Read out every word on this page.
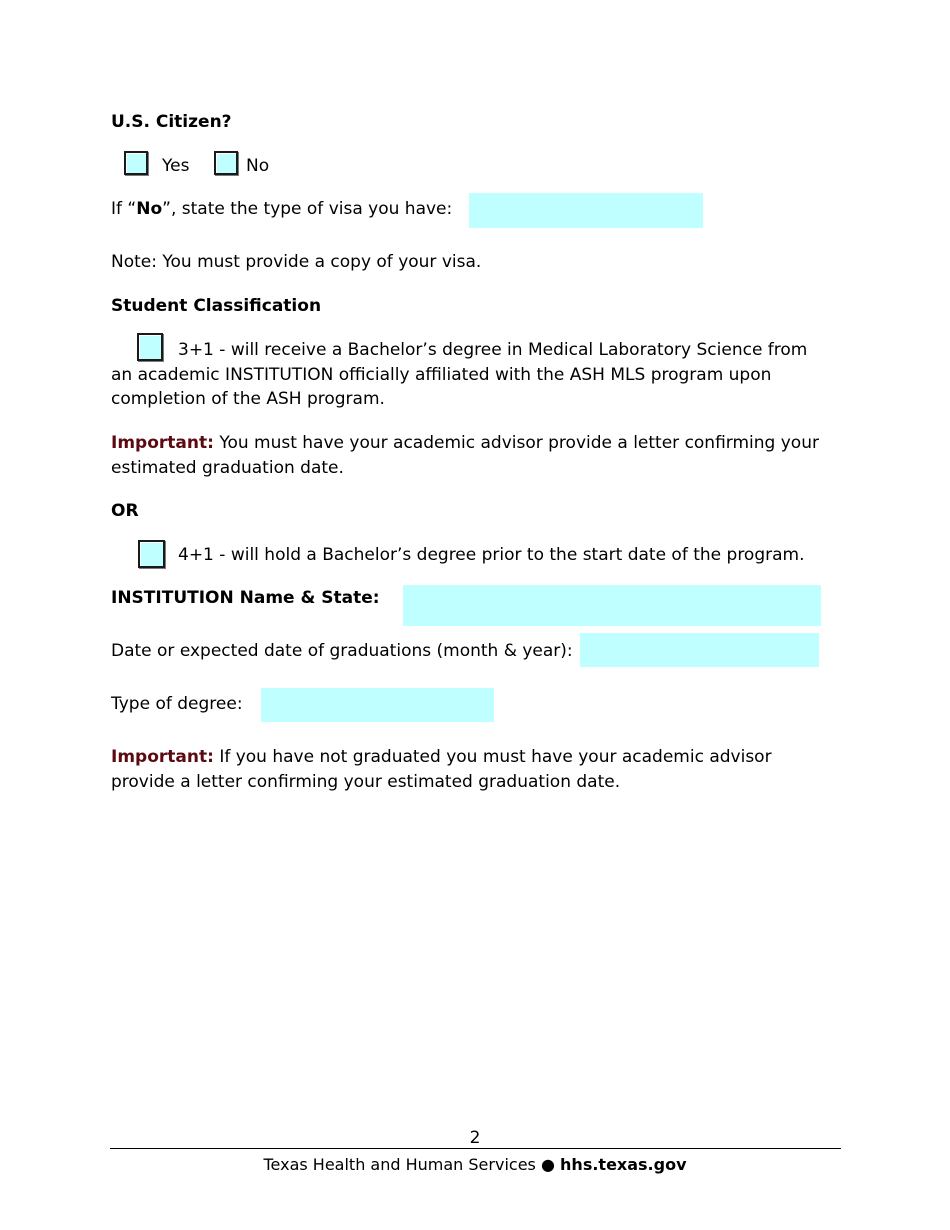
U.S. Citizen?
Yes	No
If “No”, state the type of visa you have:
Note: You must provide a copy of your visa.
Student Classification
3+1 - will receive a Bachelor’s degree in Medical Laboratory Science from
an academic INSTITUTION officially affiliated with the ASH MLS program upon
completion of the ASH program.
Important: You must have your academic advisor provide a letter confirming your
estimated graduation date.
OR
4+1 - will hold a Bachelor’s degree prior to the start date of the program.
INSTITUTION Name & State:
Date or expected date of graduations (month & year):
Type of degree:
Important: If you have not graduated you must have your academic advisor
provide a letter confirming your estimated graduation date.
2
Texas Health and Human Services ● hhs.texas.gov
